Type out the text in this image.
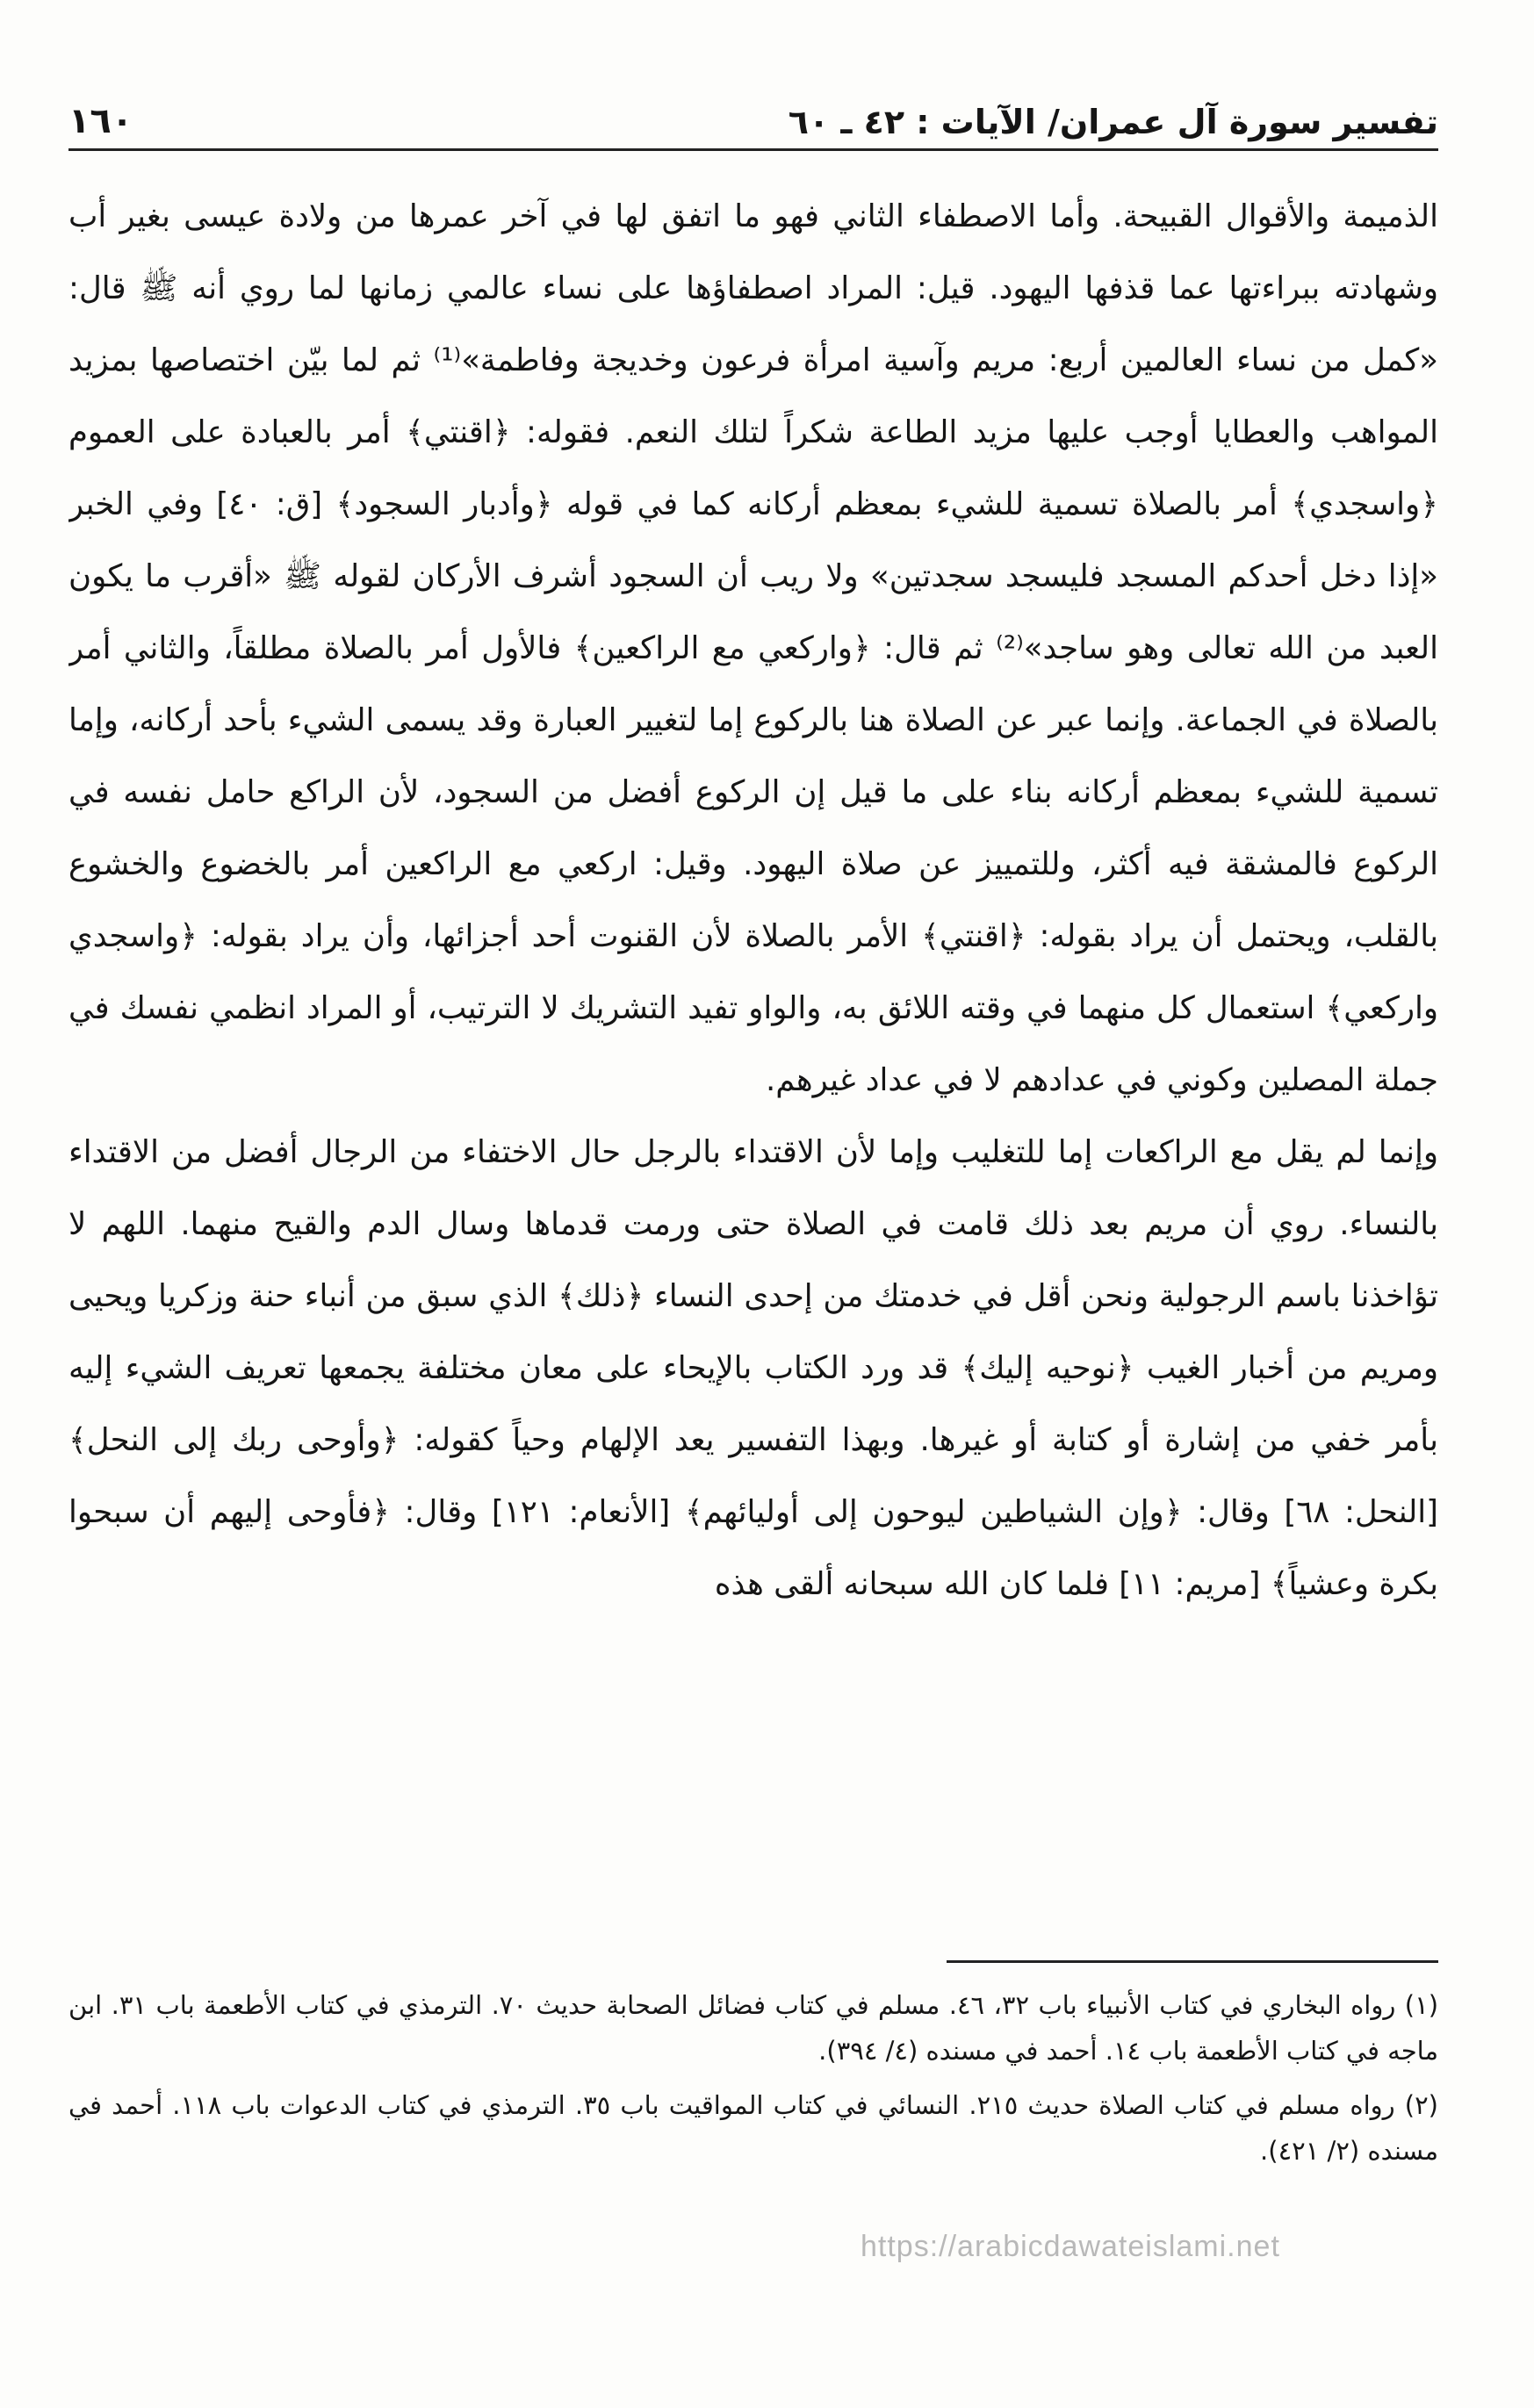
تفسير سورة آل عمران/ الآيات : ٤٢ ـ ٦٠
١٦٠

الذميمة والأقوال القبيحة. وأما الاصطفاء الثاني فهو ما اتفق لها في آخر عمرها من ولادة عيسى بغير أب وشهادته ببراءتها عما قذفها اليهود. قيل: المراد اصطفاؤها على نساء عالمي زمانها لما روي أنه ﷺ قال: «كمل من نساء العالمين أربع: مريم وآسية امرأة فرعون وخديجة وفاطمة»⁽¹⁾ ثم لما بيّن اختصاصها بمزيد المواهب والعطايا أوجب عليها مزيد الطاعة شكراً لتلك النعم. فقوله: ﴿اقنتي﴾ أمر بالعبادة على العموم ﴿واسجدي﴾ أمر بالصلاة تسمية للشيء بمعظم أركانه كما في قوله ﴿وأدبار السجود﴾ [ق: ٤٠] وفي الخبر «إذا دخل أحدكم المسجد فليسجد سجدتين» ولا ريب أن السجود أشرف الأركان لقوله ﷺ «أقرب ما يكون العبد من الله تعالى وهو ساجد»⁽²⁾ ثم قال: ﴿واركعي مع الراكعين﴾ فالأول أمر بالصلاة مطلقاً، والثاني أمر بالصلاة في الجماعة. وإنما عبر عن الصلاة هنا بالركوع إما لتغيير العبارة وقد يسمى الشيء بأحد أركانه، وإما تسمية للشيء بمعظم أركانه بناء على ما قيل إن الركوع أفضل من السجود، لأن الراكع حامل نفسه في الركوع فالمشقة فيه أكثر، وللتمييز عن صلاة اليهود. وقيل: اركعي مع الراكعين أمر بالخضوع والخشوع بالقلب، ويحتمل أن يراد بقوله: ﴿اقنتي﴾ الأمر بالصلاة لأن القنوت أحد أجزائها، وأن يراد بقوله: ﴿واسجدي واركعي﴾ استعمال كل منهما في وقته اللائق به، والواو تفيد التشريك لا الترتيب، أو المراد انظمي نفسك في جملة المصلين وكوني في عدادهم لا في عداد غيرهم.

وإنما لم يقل مع الراكعات إما للتغليب وإما لأن الاقتداء بالرجل حال الاختفاء من الرجال أفضل من الاقتداء بالنساء. روي أن مريم بعد ذلك قامت في الصلاة حتى ورمت قدماها وسال الدم والقيح منهما. اللهم لا تؤاخذنا باسم الرجولية ونحن أقل في خدمتك من إحدى النساء ﴿ذلك﴾ الذي سبق من أنباء حنة وزكريا ويحيى ومريم من أخبار الغيب ﴿نوحيه إليك﴾ قد ورد الكتاب بالإيحاء على معان مختلفة يجمعها تعريف الشيء إليه بأمر خفي من إشارة أو كتابة أو غيرها. وبهذا التفسير يعد الإلهام وحياً كقوله: ﴿وأوحى ربك إلى النحل﴾ [النحل: ٦٨] وقال: ﴿وإن الشياطين ليوحون إلى أوليائهم﴾ [الأنعام: ١٢١] وقال: ﴿فأوحى إليهم أن سبحوا بكرة وعشياً﴾ [مريم: ١١] فلما كان الله سبحانه ألقى هذه

(١) رواه البخاري في كتاب الأنبياء باب ٣٢، ٤٦. مسلم في كتاب فضائل الصحابة حديث ٧٠. الترمذي في كتاب الأطعمة باب ٣١. ابن ماجه في كتاب الأطعمة باب ١٤. أحمد في مسنده (٤/ ٣٩٤).
(٢) رواه مسلم في كتاب الصلاة حديث ٢١٥. النسائي في كتاب المواقيت باب ٣٥. الترمذي في كتاب الدعوات باب ١١٨. أحمد في مسنده (٢/ ٤٢١).
https://arabicdawateislami.net
